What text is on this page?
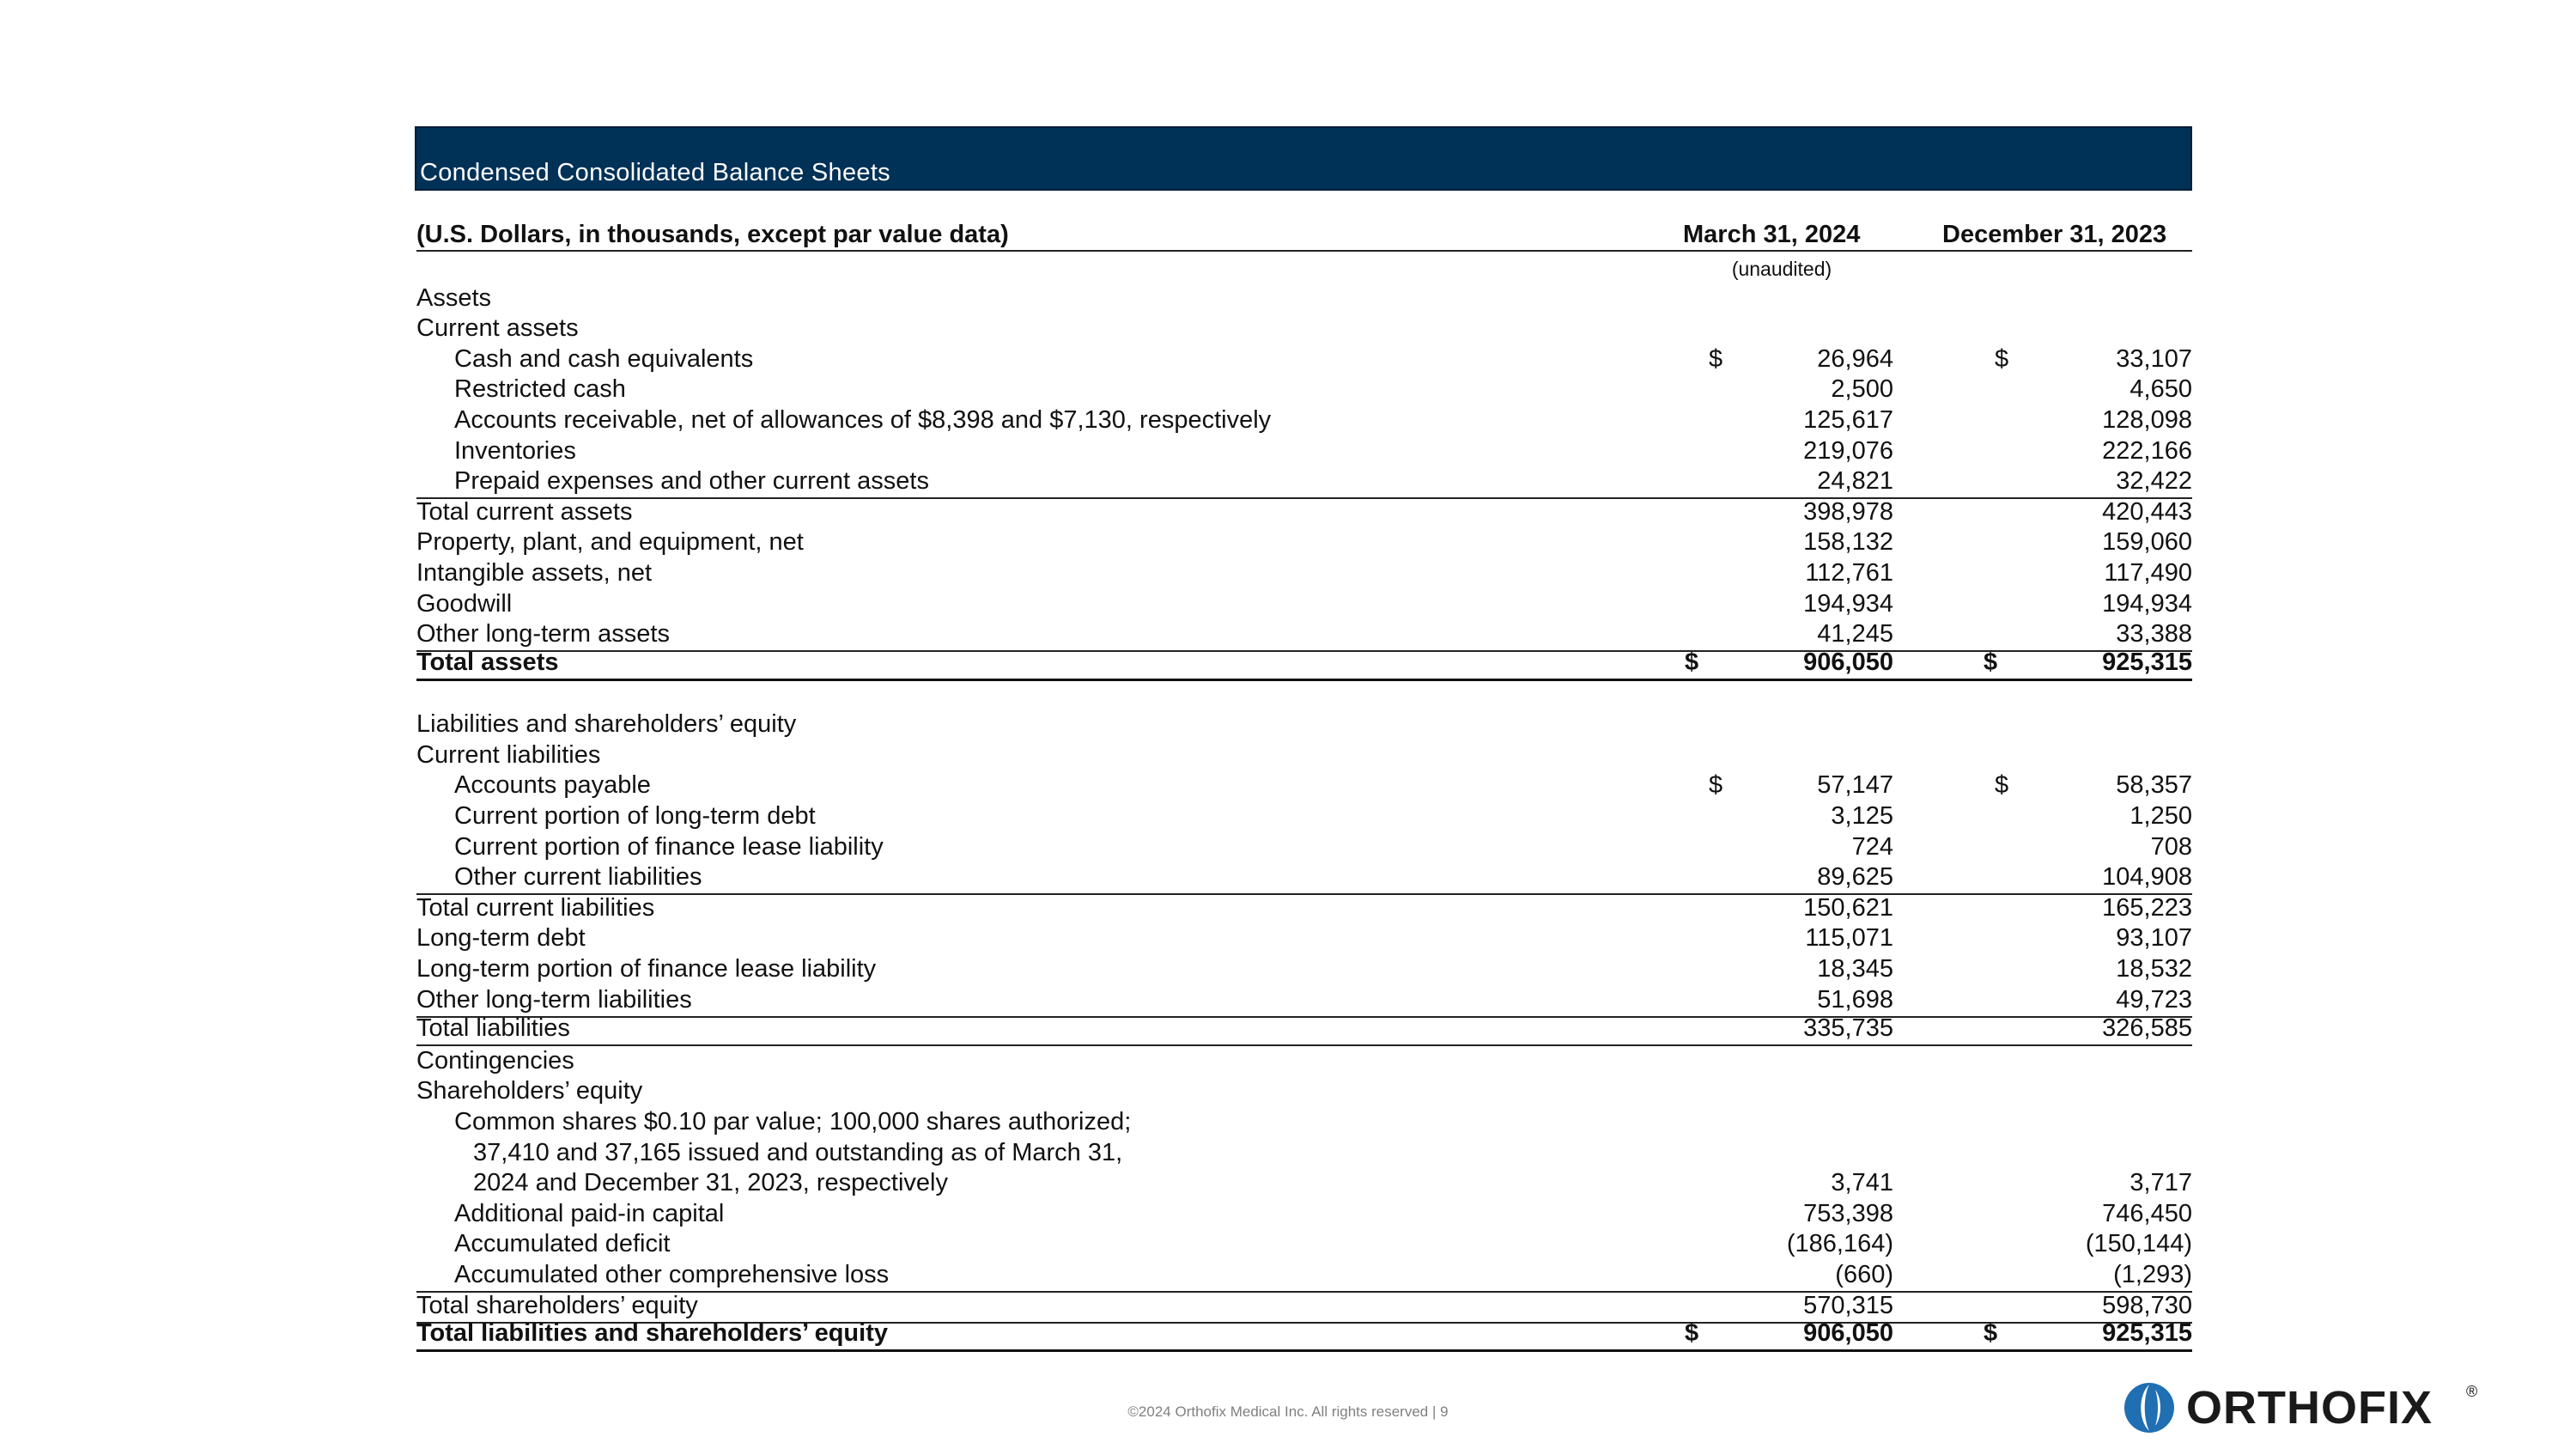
Condensed Consolidated Balance Sheets
(U.S. Dollars, in thousands, except par value data)	March 31, 2024	December 31, 2023
(unaudited)
Assets
Current assets
Cash and cash equivalents	$	26,964	$	33,107
Restricted cash	2,500	4,650
Accounts receivable, net of allowances of $8,398 and $7,130, respectively	125,617	128,098
Inventories	219,076	222,166
Prepaid expenses and other current assets	24,821	32,422
Total current assets	398,978	420,443
Property, plant, and equipment, net	158,132	159,060
Intangible assets, net	112,761	117,490
Goodwill	194,934	194,934
Other long-term assets	41,245	33,388
Total assets	$	906,050	$	925,315
Liabilities and shareholders’ equity
Current liabilities
Accounts payable	$	57,147	$	58,357
Current portion of long-term debt	3,125	1,250
Current portion of finance lease liability	724	708
Other current liabilities	89,625	104,908
Total current liabilities	150,621	165,223
Long-term debt	115,071	93,107
Long-term portion of finance lease liability	18,345	18,532
Other long-term liabilities	51,698	49,723
Total liabilities	335,735	326,585
Contingencies
Shareholders’ equity
Common shares $0.10 par value; 100,000 shares authorized;
37,410 and 37,165 issued and outstanding as of March 31,
2024 and December 31, 2023, respectively	3,741	3,717
Additional paid-in capital	753,398	746,450
Accumulated deficit	(186,164)	(150,144)
Accumulated other comprehensive loss	(660)	(1,293)
Total shareholders’ equity	570,315	598,730
Total liabilities and shareholders’ equity	$	906,050	$	925,315
©2024 Orthofix Medical Inc. All rights reserved | 9	ORTHOFIX ®
